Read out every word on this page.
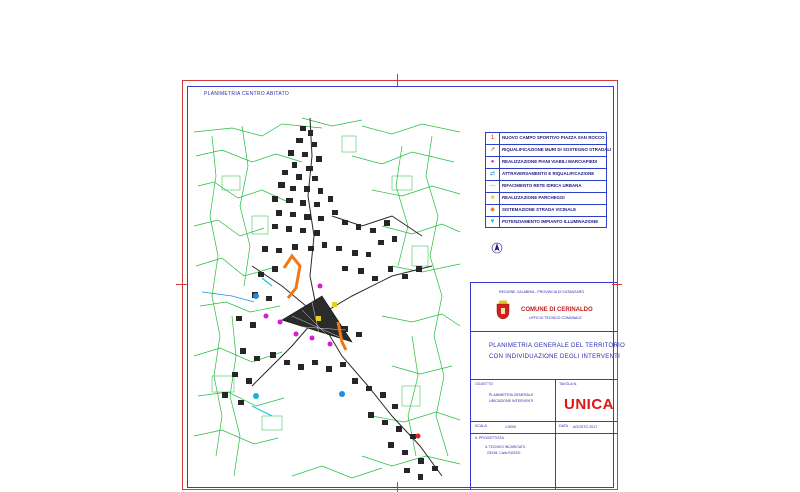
PLANIMETRIA CENTRO ABITATO
1	NUOVO CAMPO SPORTIVO PIAZZA SAN ROCCO
↗	RIQUALIFICAZIONE MURI DI SOSTEGNO STRADALI
●	REALIZZAZIONE PIANI VIABILI MARCIAPIEDI
⇄	ATTRAVERSAMENTO E RIQUALIFICAZIONE
—	RIFACIMENTO RETE IDRICA URBANA
■	REALIZZAZIONE PARCHEGGI
◆	SISTEMAZIONE STRADA VICINALE
▼	POTENZIAMENTO IMPIANTO ILLUMINAZIONE
REGIONE CALABRIA - PROVINCIA DI CATANZARO
COMUNE DI CERINALDO
UFFICIO TECNICO COMUNALE
PLANIMETRIA GENERALE DEL TERRITORIO
CON INDIVIDUAZIONE DEGLI INTERVENTI
OGGETTO
PLANIMETRIA GENERALE
UBICAZIONE INTERVENTI
TAVOLA N.
UNICA
SCALA	1:5000	DATA AGOSTO 2017
IL PROGETTISTA
IL TECNICO INCARICATO
GEOM. Carlo RUSSO
